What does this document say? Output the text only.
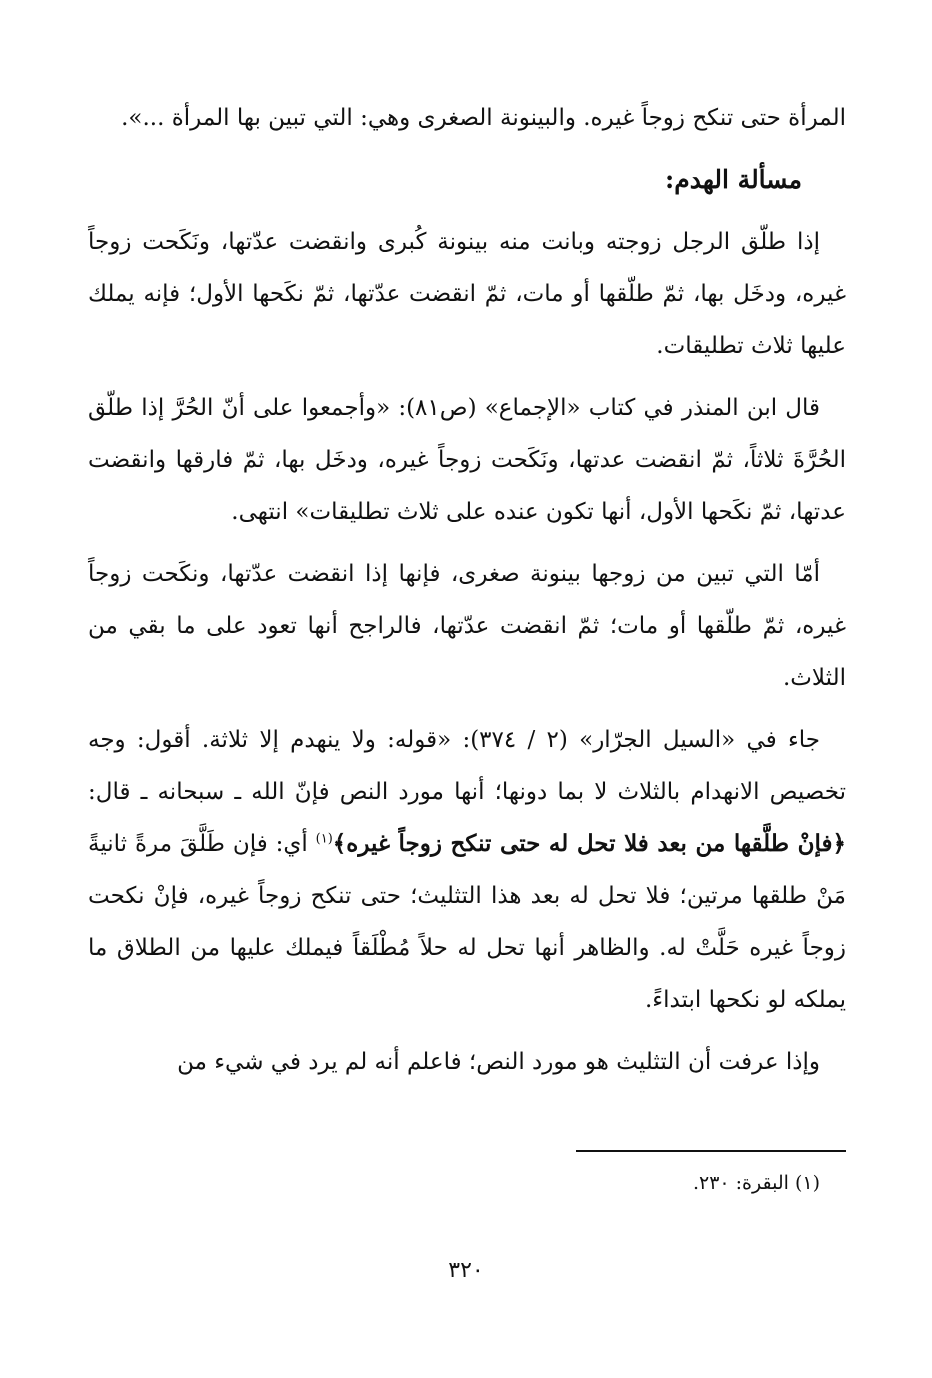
المرأة حتى تنكح زوجاً غيره. والبينونة الصغرى وهي: التي تبين بها المرأة ...».

مسألة الهدم:

إذا طلّق الرجل زوجته وبانت منه بينونة كُبرى وانقضت عدّتها، ونَكَحت زوجاً غيره، ودخَل بها، ثمّ طلّقها أو مات، ثمّ انقضت عدّتها، ثمّ نكَحها الأول؛ فإنه يملك عليها ثلاث تطليقات.

قال ابن المنذر في كتاب «الإجماع» (ص٨١): «وأجمعوا على أنّ الحُرَّ إذا طلّق الحُرَّةَ ثلاثاً، ثمّ انقضت عدتها، ونَكَحت زوجاً غيره، ودخَل بها، ثمّ فارقها وانقضت عدتها، ثمّ نكَحها الأول، أنها تكون عنده على ثلاث تطليقات» انتهى.

أمّا التي تبين من زوجها بينونة صغرى، فإنها إذا انقضت عدّتها، ونكَحت زوجاً غيره، ثمّ طلّقها أو مات؛ ثمّ انقضت عدّتها، فالراجح أنها تعود على ما بقي من الثلاث.

جاء في «السيل الجرّار» (٢ / ٣٧٤): «قوله: ولا ينهدم إلا ثلاثة. أقول: وجه تخصيص الانهدام بالثلاث لا بما دونها؛ أنها مورد النص فإنّ الله ـ سبحانه ـ قال: ﴿فإنْ طلَّقها من بعد فلا تحل له حتى تنكح زوجاً غيره﴾$^{(١)}$ أي: فإن طَلَّقَ مرةً ثانيةً مَنْ طلقها مرتين؛ فلا تحل له بعد هذا التثليث؛ حتى تنكح زوجاً غيره، فإنْ نكحت زوجاً غيره حَلَّتْ له. والظاهر أنها تحل له حلاً مُطْلَقاً فيملك عليها من الطلاق ما يملكه لو نكحها ابتداءً.

وإذا عرفت أن التثليث هو مورد النص؛ فاعلم أنه لم يرد في شيء من

(١) البقرة: ٢٣٠.
٣٢٠
